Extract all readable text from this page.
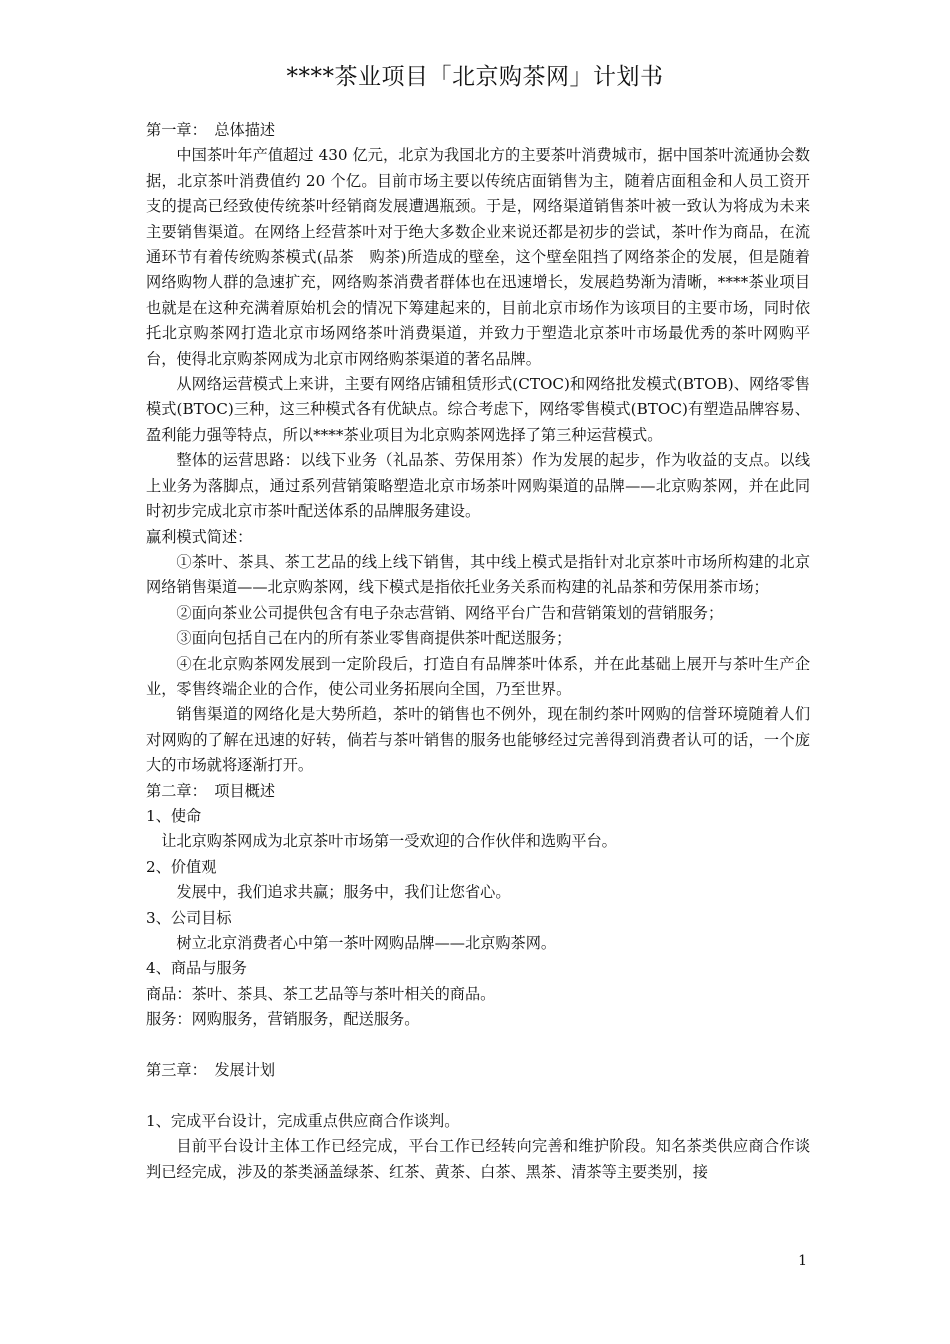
****茶业项目「北京购茶网」计划书

第一章：　总体描述

中国茶叶年产值超过 430 亿元，北京为我国北方的主要茶叶消费城市，据中国茶叶流通协会数据，北京茶叶消费值约 20 个亿。目前市场主要以传统店面销售为主，随着店面租金和人员工资开支的提高已经致使传统茶叶经销商发展遭遇瓶颈。于是，网络渠道销售茶叶被一致认为将成为未来主要销售渠道。在网络上经营茶叶对于绝大多数企业来说还都是初步的尝试，茶叶作为商品，在流通环节有着传统购茶模式(品茶　购茶)所造成的壁垒，这个壁垒阻挡了网络茶企的发展，但是随着网络购物人群的急速扩充，网络购茶消费者群体也在迅速增长，发展趋势渐为清晰，****茶业项目也就是在这种充满着原始机会的情况下筹建起来的，目前北京市场作为该项目的主要市场，同时依托北京购茶网打造北京市场网络茶叶消费渠道，并致力于塑造北京茶叶市场最优秀的茶叶网购平台，使得北京购茶网成为北京市网络购茶渠道的著名品牌。

从网络运营模式上来讲，主要有网络店铺租赁形式(CTOC)和网络批发模式(BTOB)、网络零售模式(BTOC)三种，这三种模式各有优缺点。综合考虑下，网络零售模式(BTOC)有塑造品牌容易、盈利能力强等特点，所以****茶业项目为北京购茶网选择了第三种运营模式。

整体的运营思路：以线下业务（礼品茶、劳保用茶）作为发展的起步，作为收益的支点。以线上业务为落脚点，通过系列营销策略塑造北京市场茶叶网购渠道的品牌——北京购茶网，并在此同时初步完成北京市茶叶配送体系的品牌服务建设。

赢利模式简述：

①茶叶、茶具、茶工艺品的线上线下销售，其中线上模式是指针对北京茶叶市场所构建的北京网络销售渠道——北京购茶网，线下模式是指依托业务关系而构建的礼品茶和劳保用茶市场；

②面向茶业公司提供包含有电子杂志营销、网络平台广告和营销策划的营销服务；

③面向包括自己在内的所有茶业零售商提供茶叶配送服务；

④在北京购茶网发展到一定阶段后，打造自有品牌茶叶体系，并在此基础上展开与茶叶生产企业，零售终端企业的合作，使公司业务拓展向全国，乃至世界。

销售渠道的网络化是大势所趋，茶叶的销售也不例外，现在制约茶叶网购的信誉环境随着人们对网购的了解在迅速的好转，倘若与茶叶销售的服务也能够经过完善得到消费者认可的话，一个庞大的市场就将逐渐打开。

第二章：　项目概述

1、使命

让北京购茶网成为北京茶叶市场第一受欢迎的合作伙伴和选购平台。

2、价值观

发展中，我们追求共赢；服务中，我们让您省心。

3、公司目标

树立北京消费者心中第一茶叶网购品牌——北京购茶网。

4、商品与服务

商品：茶叶、茶具、茶工艺品等与茶叶相关的商品。

服务：网购服务，营销服务，配送服务。

第三章：　发展计划

1、完成平台设计，完成重点供应商合作谈判。

目前平台设计主体工作已经完成，平台工作已经转向完善和维护阶段。知名茶类供应商合作谈判已经完成，涉及的茶类涵盖绿茶、红茶、黄茶、白茶、黑茶、清茶等主要类别，接

1
